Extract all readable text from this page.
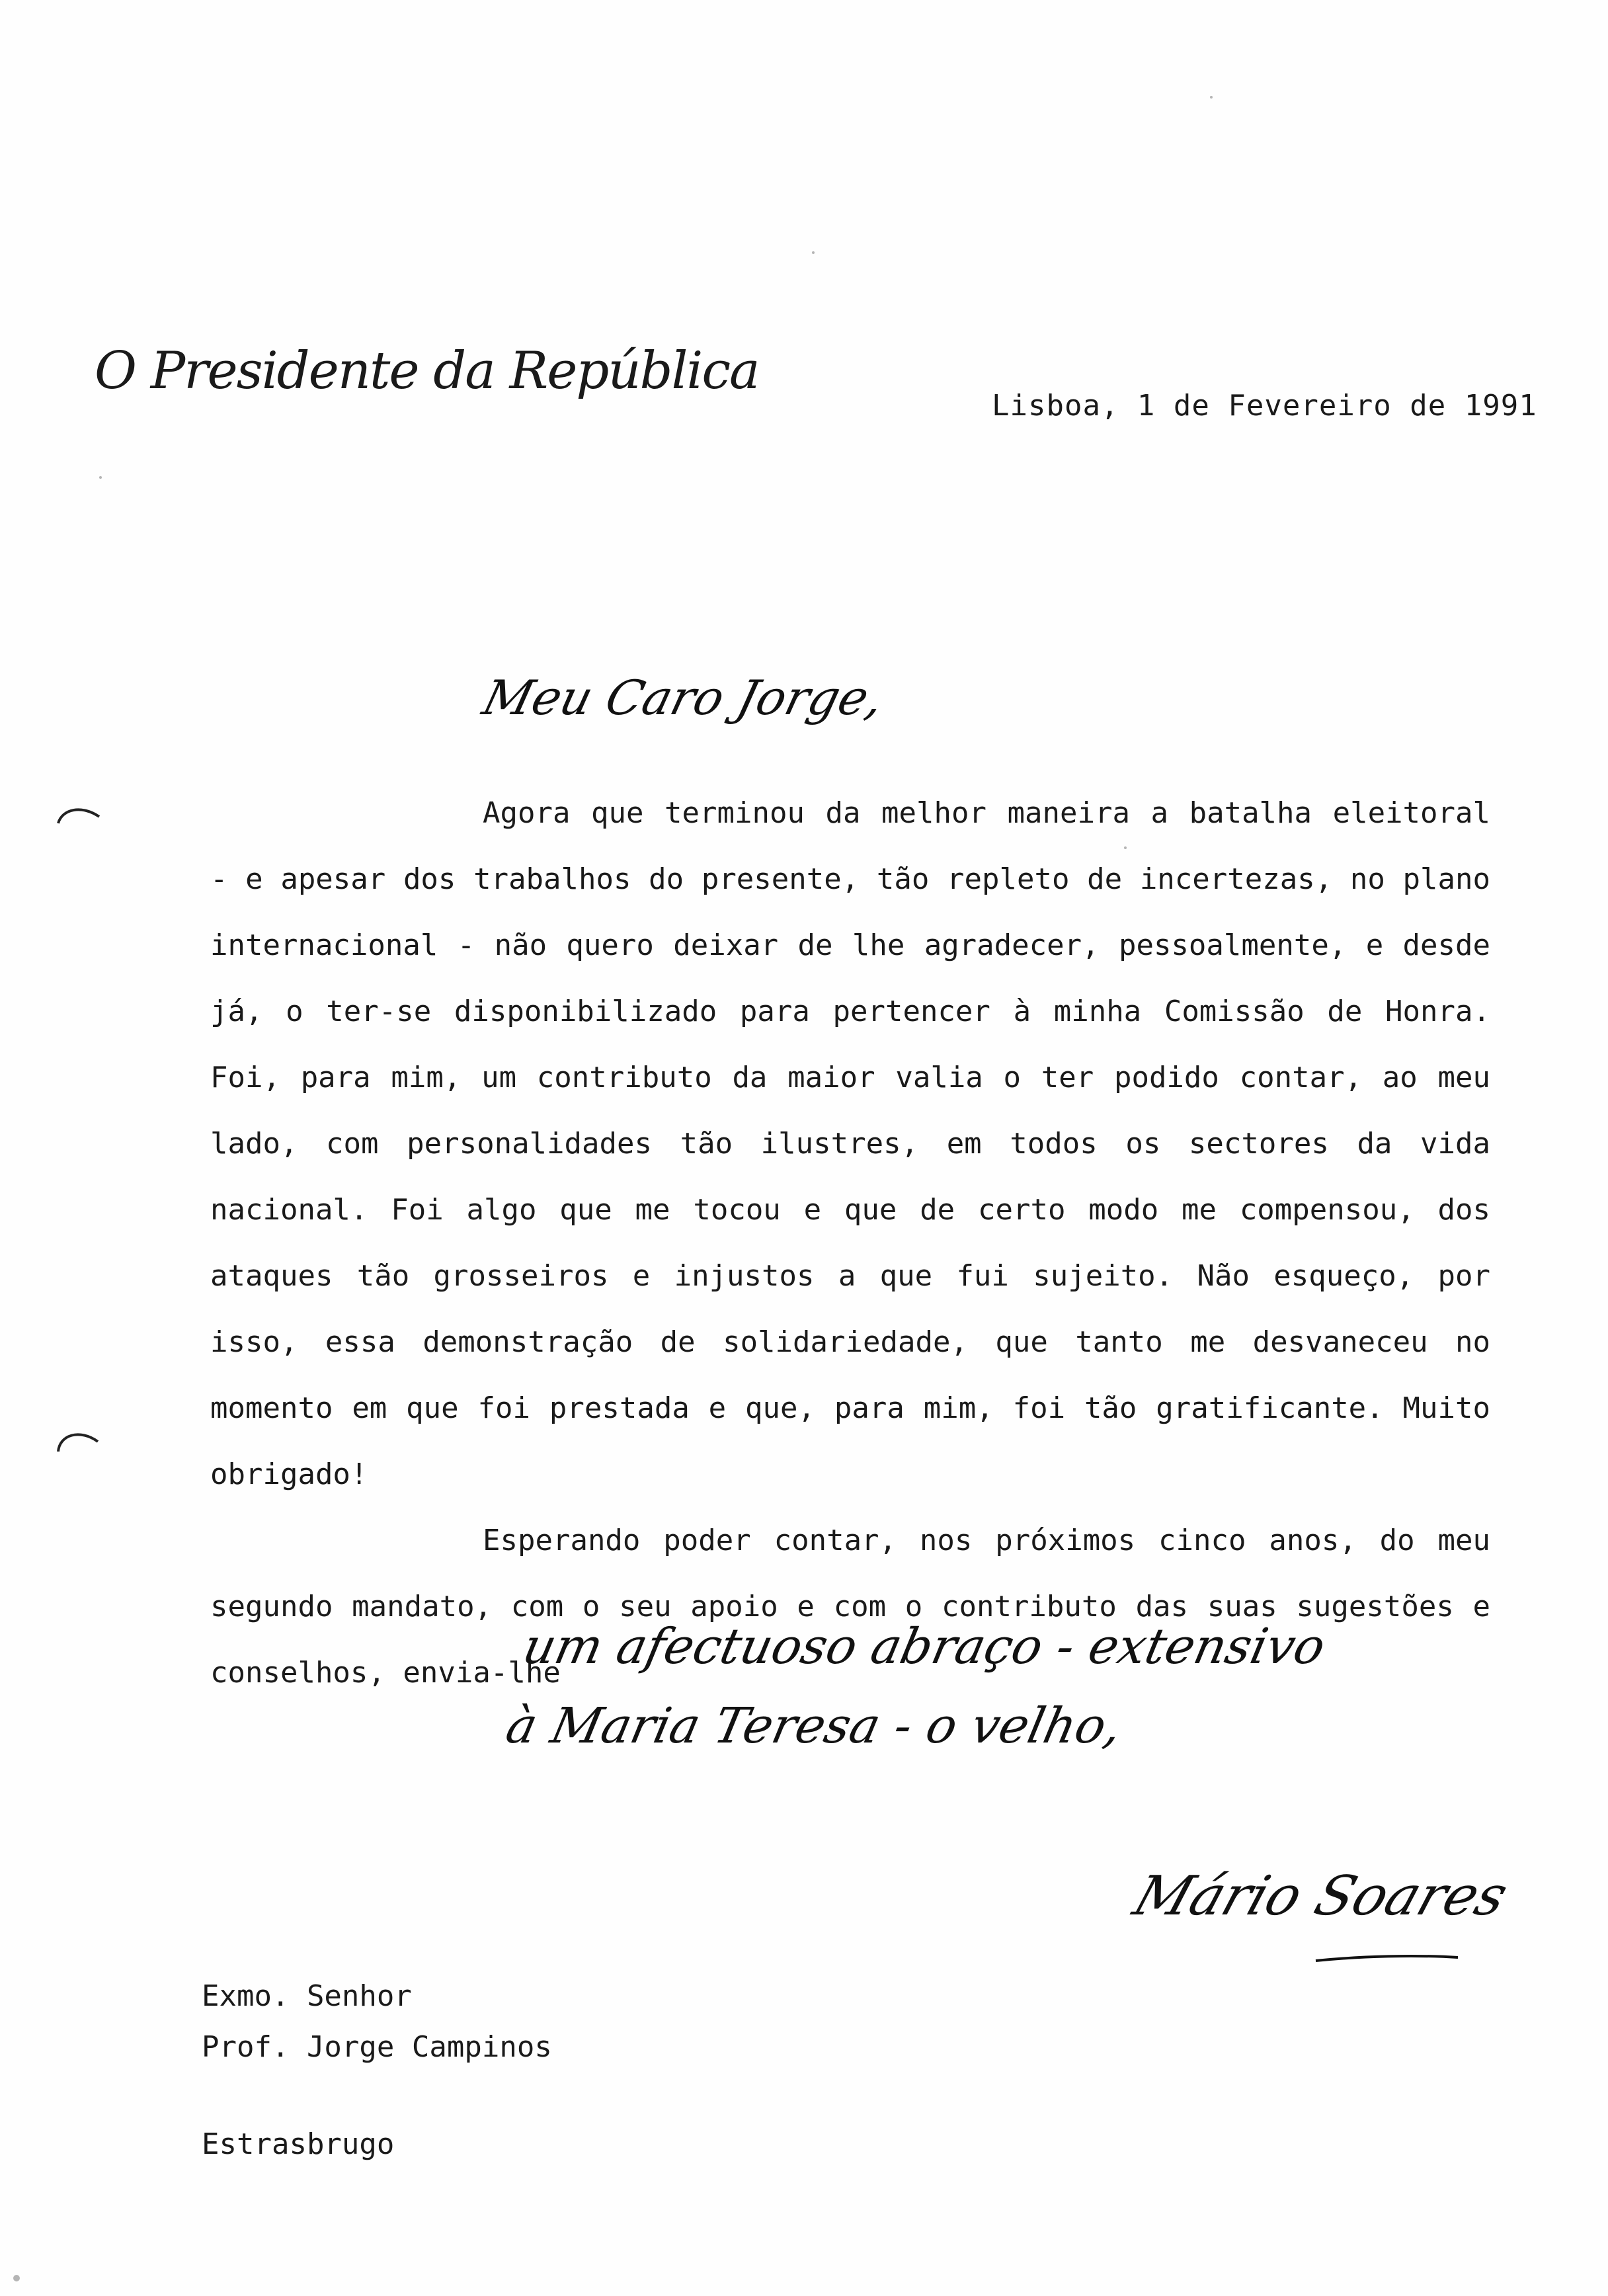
O Presidente da República
Lisboa, 1 de Fevereiro de 1991
Meu Caro Jorge,

Agora que terminou da melhor maneira a batalha eleitoral - e apesar dos trabalhos do presente, tão repleto de incertezas, no plano internacional - não quero deixar de lhe agradecer, pessoalmente, e desde já, o ter-se disponibilizado para pertencer à minha Comissão de Honra. Foi, para mim, um contributo da maior valia o ter podido contar, ao meu lado, com personalidades tão ilustres, em todos os sectores da vida nacional. Foi algo que me tocou e que de certo modo me compensou, dos ataques tão grosseiros e injustos a que fui sujeito. Não esqueço, por isso, essa demonstração de solidariedade, que tanto me desvaneceu no momento em que foi prestada e que, para mim, foi tão gratificante. Muito obrigado!

Esperando poder contar, nos próximos cinco anos, do meu segundo mandato, com o seu apoio e com o contributo das suas sugestões e conselhos, envia-lhe

um afectuoso abraço - extensivo à Maria Teresa - o velho,
Mário Soares
Exmo. Senhor
Prof. Jorge Campinos
Estrasbrugo
